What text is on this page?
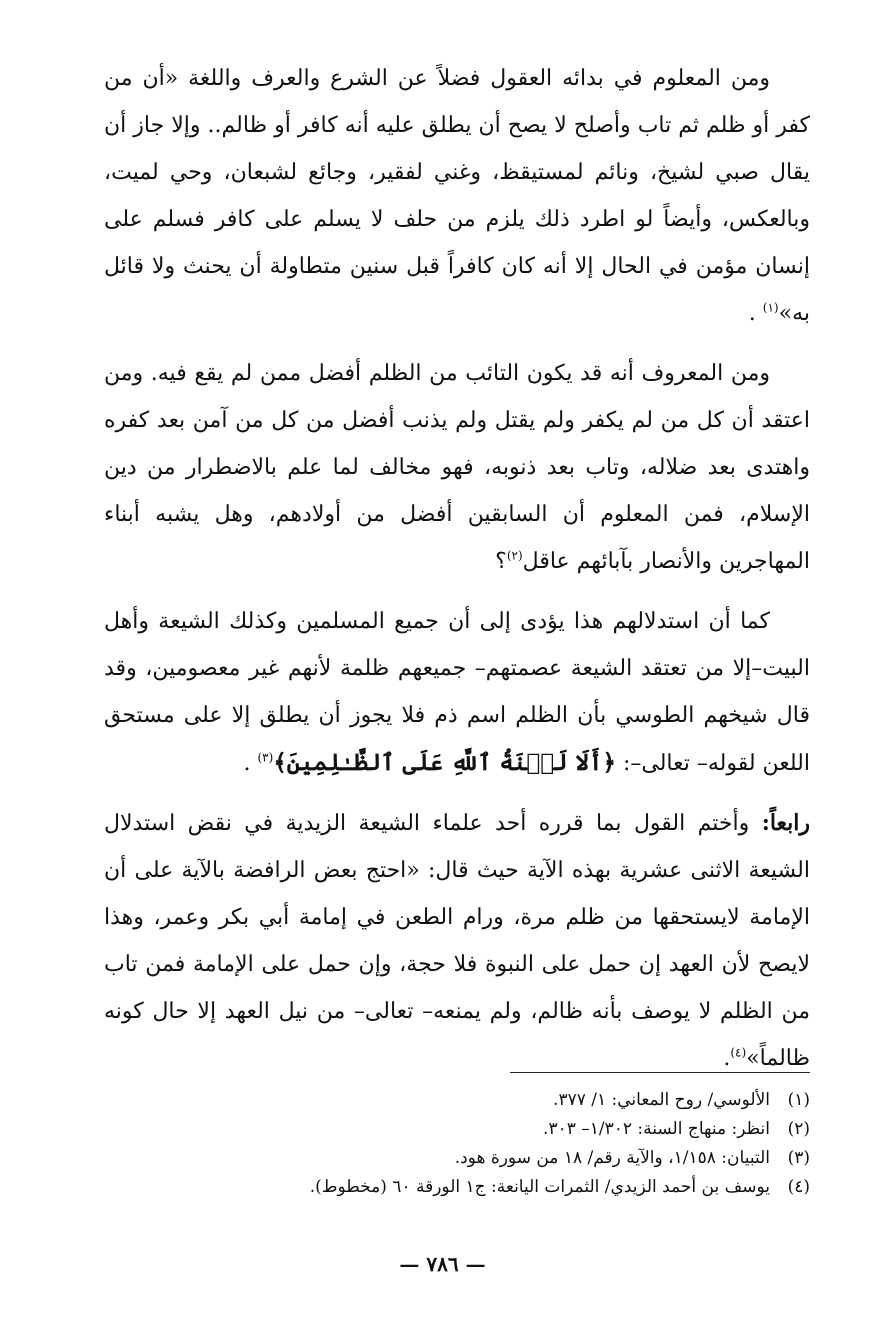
ومن المعلوم في بدائه العقول فضلاً عن الشرع والعرف واللغة «أن من كفر أو ظلم ثم تاب وأصلح لا يصح أن يطلق عليه أنه كافر أو ظالم.. وإلا جاز أن يقال صبي لشيخ، ونائم لمستيقظ، وغني لفقير، وجائع لشبعان، وحي لميت، وبالعكس، وأيضاً لو اطرد ذلك يلزم من حلف لا يسلم على كافر فسلم على إنسان مؤمن في الحال إلا أنه كان كافراً قبل سنين متطاولة أن يحنث ولا قائل به»$^{(١)}$ .

ومن المعروف أنه قد يكون التائب من الظلم أفضل ممن لم يقع فيه. ومن اعتقد أن كل من لم يكفر ولم يقتل ولم يذنب أفضل من كل من آمن بعد كفره واهتدى بعد ضلاله، وتاب بعد ذنوبه، فهو مخالف لما علم بالاضطرار من دين الإسلام، فمن المعلوم أن السابقين أفضل من أولادهم، وهل يشبه أبناء المهاجرين والأنصار بآبائهم عاقل$^{(٢)}$؟

كما أن استدلالهم هذا يؤدى إلى أن جميع المسلمين وكذلك الشيعة وأهل البيت–إلا من تعتقد الشيعة عصمتهم– جميعهم ظلمة لأنهم غير معصومين، وقد قال شيخهم الطوسي بأن الظلم اسم ذم فلا يجوز أن يطلق إلا على مستحق اللعن لقوله– تعالى–: ﴿أَلَا لَعۡنَةُ ٱللَّهِ عَلَى ٱلظَّـٰلِمِينَ﴾$^{(٣)}$ .

رابعاً: وأختم القول بما قرره أحد علماء الشيعة الزيدية في نقض استدلال الشيعة الاثنى عشرية بهذه الآية حيث قال: «احتج بعض الرافضة بالآية على أن الإمامة لايستحقها من ظلم مرة، ورام الطعن في إمامة أبي بكر وعمر، وهذا لايصح لأن العهد إن حمل على النبوة فلا حجة، وإن حمل على الإمامة فمن تاب من الظلم لا يوصف بأنه ظالم، ولم يمنعه– تعالى– من نيل العهد إلا حال كونه ظالماً»$^{(٤)}$.

(١)
الألوسي/ روح المعاني: ١/ ٣٧٧.
(٢)
انظر: منهاج السنة: ١/٣٠٢– ٣٠٣.
(٣)
التبيان: ١/١٥٨، والآية رقم/ ١٨ من سورة هود.
(٤)
يوسف بن أحمد الزيدي/ الثمرات اليانعة: ج١ الورقة ٦٠ (مخطوط).
— ٧٨٦ —
